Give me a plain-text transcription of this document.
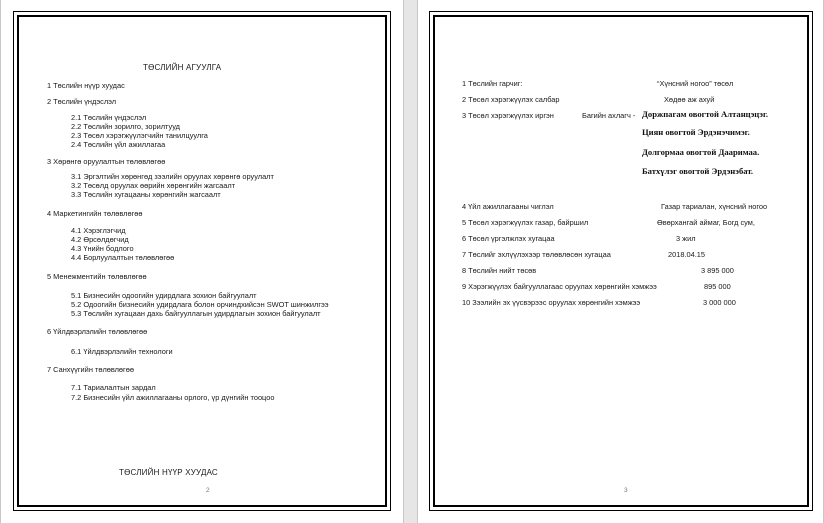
ТӨСЛИЙН АГУУЛГА
1 Төслийн нүүр хуудас
2 Төслийн үндэслэл
2.1 Төслийн үндэслэл
2.2 Төслийн зорилго, зорилтууд
2.3 Төсөл хэрэгжүүлэгчийн танилцуулга
2.4 Төслийн үйл ажиллагаа
3 Хөрөнгө оруулалтын төлөвлөгөө
3.1 Эргэлтийн хөрөнгөд зээлийн оруулах хөрөнгө оруулалт
3.2 Төсөлд оруулах өөрийн хөрөнгийн жагсаалт
3.3 Төслийн хугацааны хөрөнгийн жагсаалт
4 Маркетингийн төлөвлөгөө
4.1 Хэрэглэгчид
4.2 Өрсөлдөгчид
4.3 Үнийн бодлого
4.4 Борлуулалтын төлөвлөгөө
5 Менежментийн төлөвлөгөө
5.1 Бизнесийн одоогийн удирдлага зохион байгуулалт
5.2 Одоогийн бизнесийн удирдлага болон орчиндхийсэн SWOT шинжилгээ
5.3 Төслийн хугацаан дахь байгууллагын удирдлагын зохион байгуулалт
6 Үйлдвэрлэлийн төлөвлөгөө
6.1 Үйлдвэрлэлийн технологи
7 Санхүүгийн төлөвлөгөө
7.1 Тариалалтын зардал
7.2 Бизнесийн үйл ажиллагааны орлого, үр дүнгийн тооцоо
ТӨСЛИЙН НҮҮР ХУУДАС
2
1 Төслийн гарчиг:	“Хүнсний ногоо” төсөл
2 Төсөл хэрэгжүүлэх салбар	Хөдөө аж ахуй
3 Төсөл хэрэгжүүлэх иргэн	Багийн ахлагч - Доржпагам овогтой Алтанцэцэг.
Циян овогтой Эрдэнэчимэг.
Долгормаа овогтой Дааримаа.
Батхүлэг овогтой Эрдэнэбат.
4 Үйл ажиллагааны чиглэл	Газар тариалан, хүнсний ногоо
5 Төсөл хэрэгжүүлэх газар, байршил	Өвөрхангай аймаг, Богд сум,
6 Төсөл үргэлжлэх хугацаа	3 жил
7 Төслийг эхлүүлэхээр төлөвлөсөн хугацаа	2018.04.15
8 Төслийн нийт төсөв	3 895 000
9 Хэрэгжүүлэх байгууллагаас оруулах хөрөнгийн хэмжээ	895 000
10 Зээлийн эх үүсвэрээс оруулах хөрөнгийн хэмжээ	3 000 000
3
